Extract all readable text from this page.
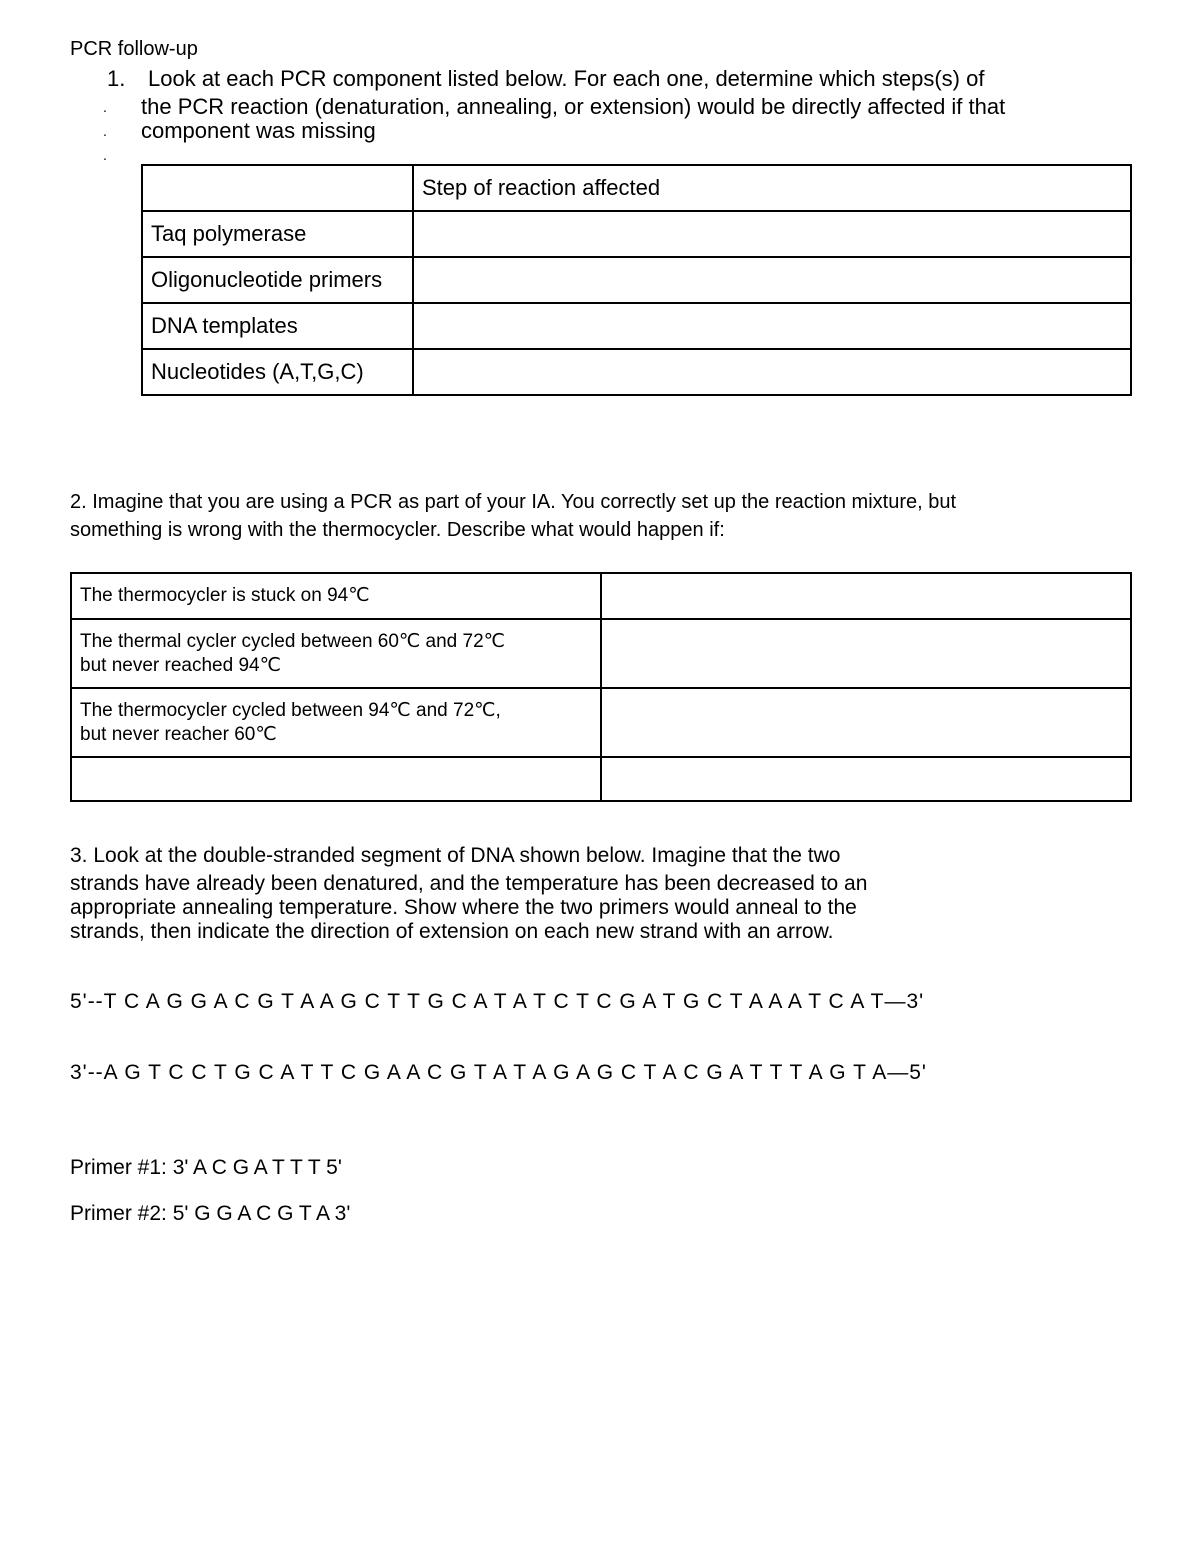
PCR follow-up
1. Look at each PCR component listed below. For each one, determine which steps(s) of
. the PCR reaction (denaturation, annealing, or extension) would be directly affected if that
. component was missing
.
	Step of reaction affected
Taq polymerase	
Oligonucleotide primers	
DNA templates	
Nucleotides (A,T,G,C)	
2. Imagine that you are using a PCR as part of your IA. You correctly set up the reaction mixture, but
something is wrong with the thermocycler. Describe what would happen if:
The thermocycler is stuck on 94℃	

The thermal cycler cycled between 60℃ and 72℃
but never reached 94℃	

The thermocycler cycled between 94℃ and 72℃,
but never reacher 60℃	

3. Look at the double-stranded segment of DNA shown below. Imagine that the two
strands have already been denatured, and the temperature has been decreased to an
appropriate annealing temperature. Show where the two primers would anneal to the
strands, then indicate the direction of extension on each new strand with an arrow.
5'--T C A G G A C G T A A G C T T G C A T A T C T C G A T G C T A A A T C A T—3'
3'--A G T C C T G C A T T C G A A C G T A T A G A G C T A C G A T T T A G T A—5'
Primer #1: 3' A C G A T T T 5'
Primer #2: 5' G G A C G T A 3'
